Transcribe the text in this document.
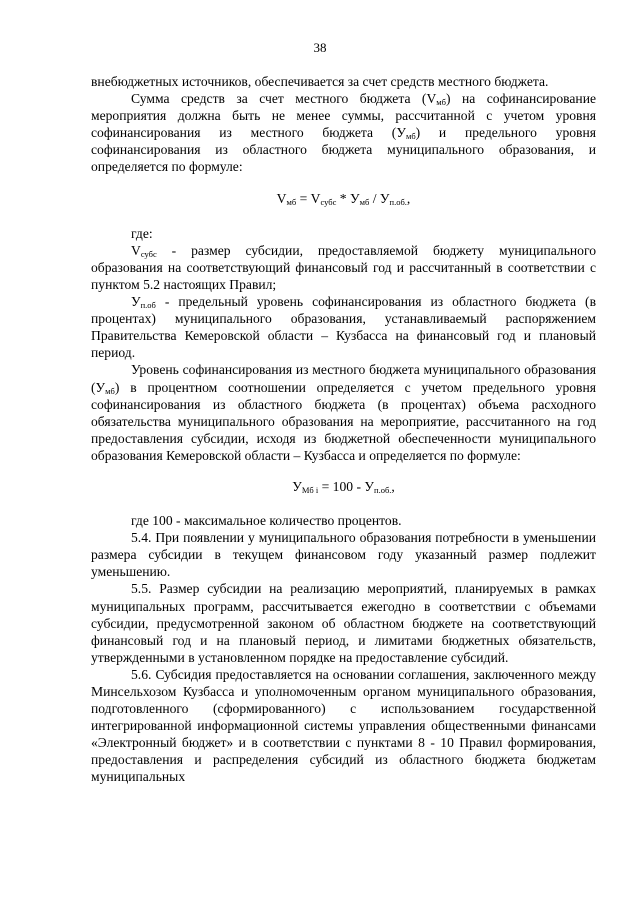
38

внебюджетных источников, обеспечивается за счет средств местного бюджета.

Сумма средств за счет местного бюджета $(V_{мб})$ на софинансирование мероприятия должна быть не менее суммы, рассчитанной с учетом уровня софинансирования из местного бюджета $(У_{мб})$ и предельного уровня софинансирования из областного бюджета муниципального образования, и определяется по формуле:

$V_{мб} = V_{субс} * У_{мб} / У_{п.об.}$,

где:

$V_{субс}$ - размер субсидии, предоставляемой бюджету муниципального образования на соответствующий финансовый год и рассчитанный в соответствии с пунктом 5.2 настоящих Правил;

$У_{п.об}$ - предельный уровень софинансирования из областного бюджета (в процентах) муниципального образования, устанавливаемый распоряжением Правительства Кемеровской области – Кузбасса на финансовый год и плановый период.

Уровень софинансирования из местного бюджета муниципального образования $(У_{мб})$ в процентном соотношении определяется с учетом предельного уровня софинансирования из областного бюджета (в процентах) объема расходного обязательства муниципального образования на мероприятие, рассчитанного на год предоставления субсидии, исходя из бюджетной обеспеченности муниципального образования Кемеровской области – Кузбасса и определяется по формуле:

$У_{Мб i} = 100 - У_{п.об.}$,

где 100 - максимальное количество процентов.

5.4. При появлении у муниципального образования потребности в уменьшении размера субсидии в текущем финансовом году указанный размер подлежит уменьшению.

5.5. Размер субсидии на реализацию мероприятий, планируемых в рамках муниципальных программ, рассчитывается ежегодно в соответствии с объемами субсидии, предусмотренной законом об областном бюджете на соответствующий финансовый год и на плановый период, и лимитами бюджетных обязательств, утвержденными в установленном порядке на предоставление субсидий.

5.6. Субсидия предоставляется на основании соглашения, заключенного между Минсельхозом Кузбасса и уполномоченным органом муниципального образования, подготовленного (сформированного) с использованием государственной интегрированной информационной системы управления общественными финансами «Электронный бюджет» и в соответствии с пунктами 8 - 10 Правил формирования, предоставления и распределения субсидий из областного бюджета бюджетам муниципальных
